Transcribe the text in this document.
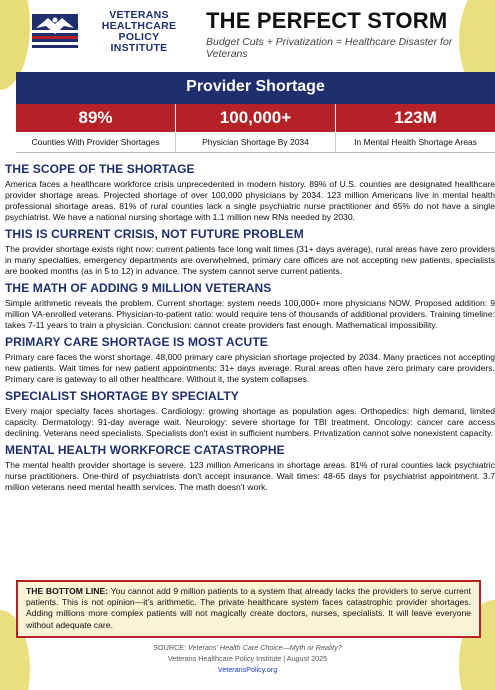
VETERANS
HEALTHCARE
POLICY
INSTITUTE
THE PERFECT STORM
Budget Cuts + Privatization = Healthcare Disaster for Veterans
Provider Shortage
89%	100,000+	123M
Counties With Provider Shortages	Physician Shortage By 2034	In Mental Health Shortage Areas
THE SCOPE OF THE SHORTAGE

America faces a healthcare workforce crisis unprecedented in modern history. 89% of U.S. counties are designated healthcare provider shortage areas. Projected shortage of over 100,000 physicians by 2034. 123 million Americans live in mental health professional shortage areas. 81% of rural counties lack a single psychiatric nurse practitioner and 65% do not have a single psychiatrist. We have a national nursing shortage with 1.1 million new RNs needed by 2030.

THIS IS CURRENT CRISIS, NOT FUTURE PROBLEM

The provider shortage exists right now: current patients face long wait times (31+ days average), rural areas have zero providers in many specialties, emergency departments are overwhelmed, primary care offices are not accepting new patients, specialists are booked months (as in 5 to 12) in advance. The system cannot serve current patients.

THE MATH OF ADDING 9 MILLION VETERANS

Simple arithmetic reveals the problem. Current shortage: system needs 100,000+ more physicians NOW. Proposed addition: 9 million VA-enrolled veterans. Physician-to-patient ratio: would require tens of thousands of additional providers. Training timeline: takes 7-11 years to train a physician. Conclusion: cannot create providers fast enough. Mathematical impossibility.

PRIMARY CARE SHORTAGE IS MOST ACUTE

Primary care faces the worst shortage. 48,000 primary care physician shortage projected by 2034. Many practices not accepting new patients. Wait times for new patient appointments: 31+ days average. Rural areas often have zero primary care providers. Primary care is gateway to all other healthcare. Without it, the system collapses.

SPECIALIST SHORTAGE BY SPECIALTY

Every major specialty faces shortages. Cardiology: growing shortage as population ages. Orthopedics: high demand, limited capacity. Dermatology: 91-day average wait. Neurology: severe shortage for TBI treatment. Oncology: cancer care access declining. Veterans need specialists. Specialists don't exist in sufficient numbers. Privatization cannot solve nonexistent capacity.

MENTAL HEALTH WORKFORCE CATASTROPHE

The mental health provider shortage is severe. 123 million Americans in shortage areas. 81% of rural counties lack psychiatric nurse practitioners. One-third of psychiatrists don't accept insurance. Wait times: 48-65 days for psychiatrist appointment. 3.7 million veterans need mental health services. The math doesn't work.

THE BOTTOM LINE: You cannot add 9 million patients to a system that already lacks the providers to serve current patients. This is not opinion—it's arithmetic. The private healthcare system faces catastrophic provider shortages. Adding millions more complex patients will not magically create doctors, nurses, specialists. It will leave everyone without adequate care.

SOURCE: Veterans' Health Care Choice—Myth or Reality?
Veterans Healthcare Policy Institute | August 2025
VeteransPolicy.org
